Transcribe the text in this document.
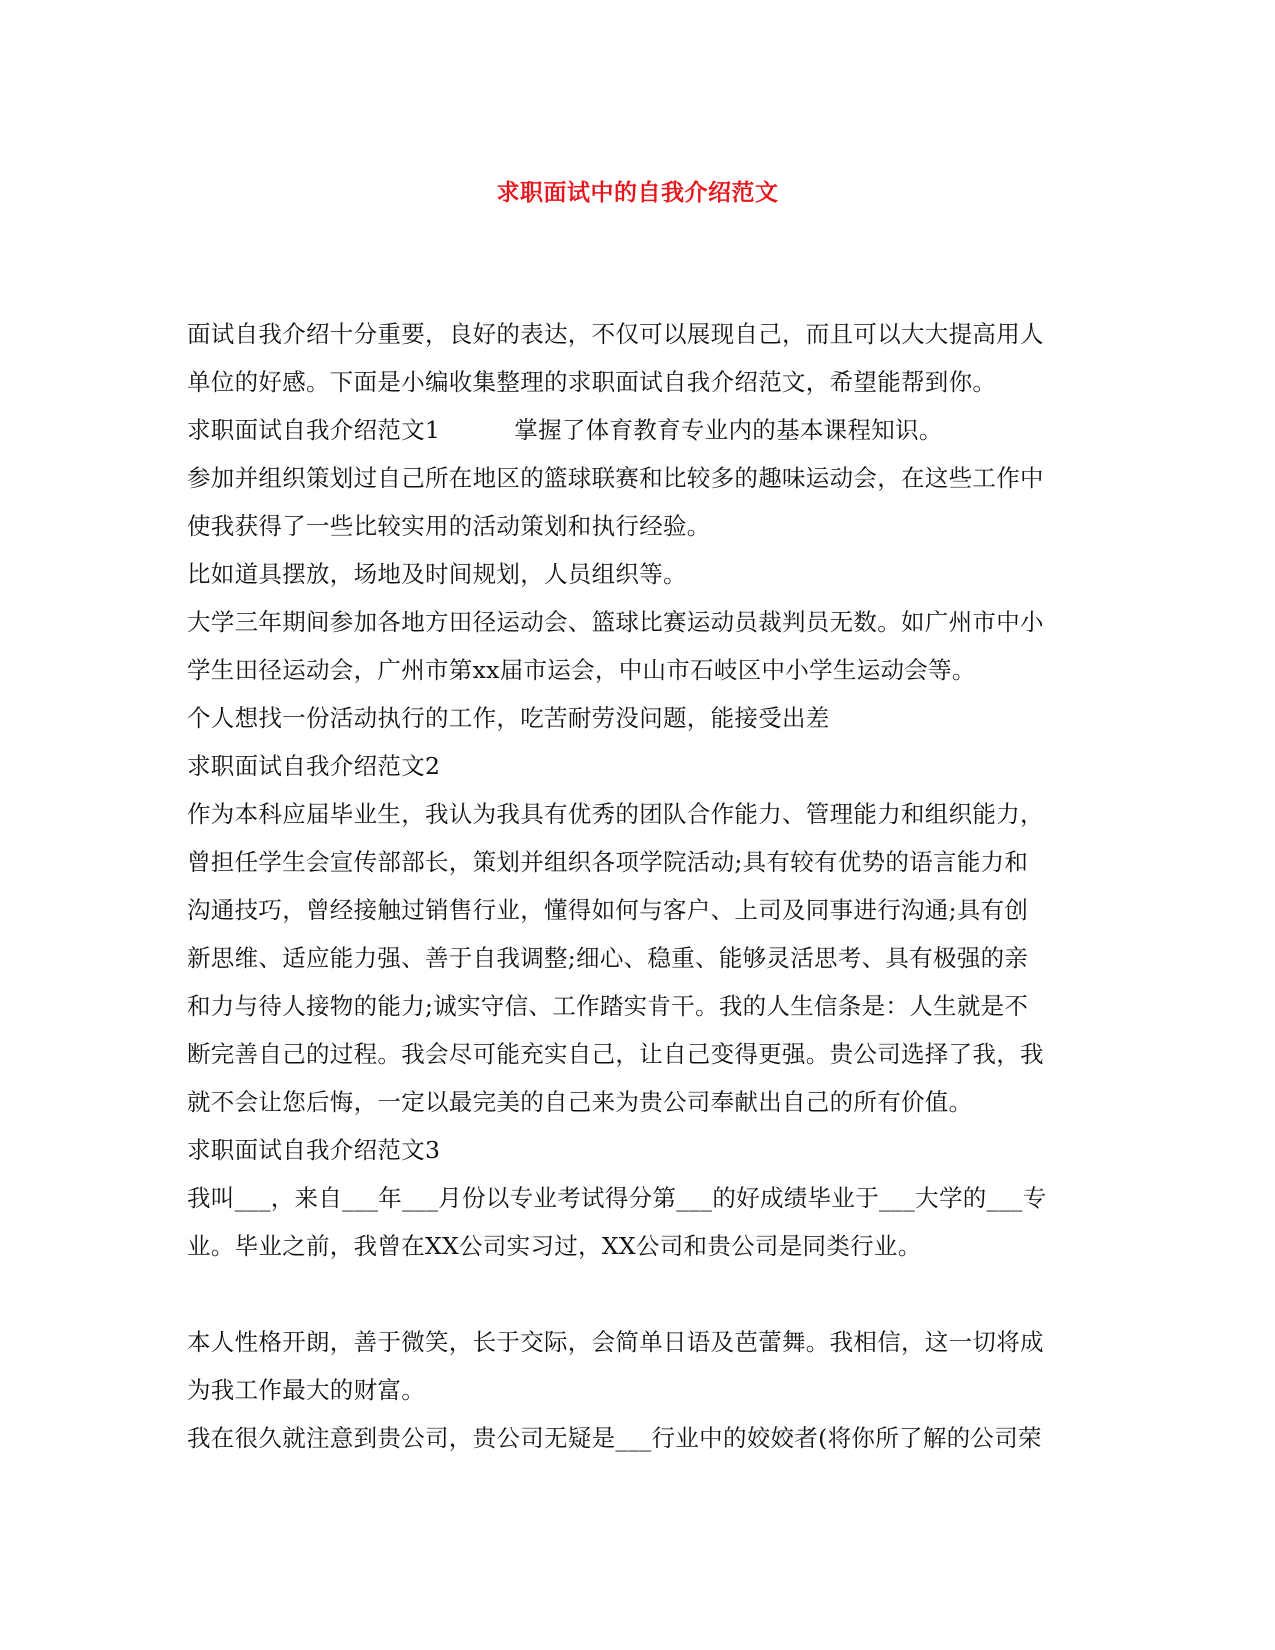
求职面试中的自我介绍范文
面试自我介绍十分重要，良好的表达，不仅可以展现自己，而且可以大大提高用人
单位的好感。下面是小编收集整理的求职面试自我介绍范文，希望能帮到你。
求职面试自我介绍范文1	掌握了体育教育专业内的基本课程知识。
参加并组织策划过自己所在地区的篮球联赛和比较多的趣味运动会，在这些工作中
使我获得了一些比较实用的活动策划和执行经验。
比如道具摆放，场地及时间规划，人员组织等。
大学三年期间参加各地方田径运动会、篮球比赛运动员裁判员无数。如广州市中小
学生田径运动会，广州市第xx届市运会，中山市石岐区中小学生运动会等。
个人想找一份活动执行的工作，吃苦耐劳没问题，能接受出差
求职面试自我介绍范文2
作为本科应届毕业生，我认为我具有优秀的团队合作能力、管理能力和组织能力，
曾担任学生会宣传部部长，策划并组织各项学院活动;具有较有优势的语言能力和
沟通技巧，曾经接触过销售行业，懂得如何与客户、上司及同事进行沟通;具有创
新思维、适应能力强、善于自我调整;细心、稳重、能够灵活思考、具有极强的亲
和力与待人接物的能力;诚实守信、工作踏实肯干。我的人生信条是：人生就是不
断完善自己的过程。我会尽可能充实自己，让自己变得更强。贵公司选择了我，我
就不会让您后悔，一定以最完美的自己来为贵公司奉献出自己的所有价值。
求职面试自我介绍范文3
我叫___，来自___年___月份以专业考试得分第___的好成绩毕业于___大学的___专
业。毕业之前，我曾在XX公司实习过，XX公司和贵公司是同类行业。
本人性格开朗，善于微笑，长于交际，会简单日语及芭蕾舞。我相信，这一切将成
为我工作最大的财富。
我在很久就注意到贵公司，贵公司无疑是___行业中的姣姣者(将你所了解的公司荣
